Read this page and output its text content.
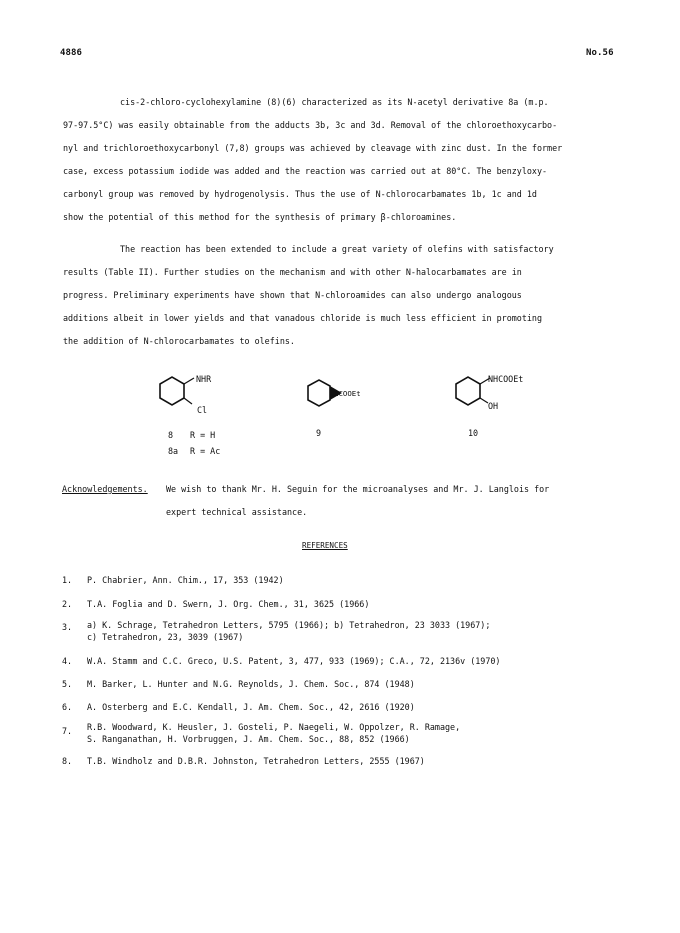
4886	No.56
cis-2-chloro-cyclohexylamine (8)(6) characterized as its N-acetyl derivative 8a (m.p.
97-97.5°C) was easily obtainable from the adducts 3b, 3c and 3d. Removal of the chloroethoxycarbo-
nyl and trichloroethoxycarbonyl (7,8) groups was achieved by cleavage with zinc dust. In the former
case, excess potassium iodide was added and the reaction was carried out at 80°C. The benzyloxy-
carbonyl group was removed by hydrogenolysis. Thus the use of N-chlorocarbamates 1b, 1c and 1d
show the potential of this method for the synthesis of primary β-chloroamines.
The reaction has been extended to include a great variety of olefins with satisfactory
results (Table II). Further studies on the mechanism and with other N-halocarbamates are in
progress. Preliminary experiments have shown that N-chloroamides can also undergo analogous
additions albeit in lower yields and that vanadous chloride is much less efficient in promoting
the addition of N-chlorocarbamates to olefins.
NHR
Cl
8 R = H
8a R = Ac
NCOOEt
9
NHCOOEt
OH
10
Acknowledgements. We wish to thank Mr. H. Seguin for the microanalyses and Mr. J. Langlois for
expert technical assistance.
REFERENCES
1. P. Chabrier, Ann. Chim., 17, 353 (1942)
2. T.A. Foglia and D. Swern, J. Org. Chem., 31, 3625 (1966)
3. a) K. Schrage, Tetrahedron Letters, 5795 (1966); b) Tetrahedron, 23 3033 (1967);
c) Tetrahedron, 23, 3039 (1967)
4. W.A. Stamm and C.C. Greco, U.S. Patent, 3, 477, 933 (1969); C.A., 72, 2136v (1970)
5. M. Barker, L. Hunter and N.G. Reynolds, J. Chem. Soc., 874 (1948)
6. A. Osterberg and E.C. Kendall, J. Am. Chem. Soc., 42, 2616 (1920)
7. R.B. Woodward, K. Heusler, J. Gosteli, P. Naegeli, W. Oppolzer, R. Ramage,
S. Ranganathan, H. Vorbruggen, J. Am. Chem. Soc., 88, 852 (1966)
8. T.B. Windholz and D.B.R. Johnston, Tetrahedron Letters, 2555 (1967)
